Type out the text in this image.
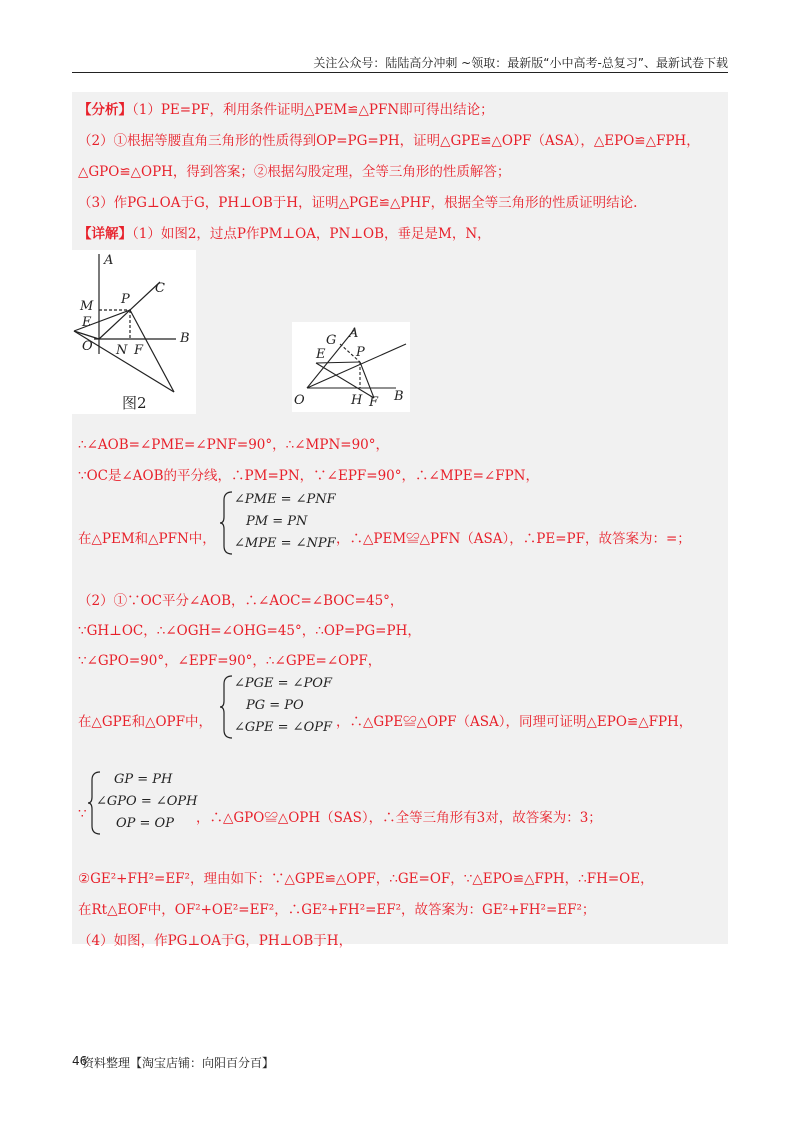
关注公众号：陆陆高分冲刺 ~领取：最新版“小中高考-总复习”、最新试卷下载
【分析】（1）PE=PF，利用条件证明△PEM≌△PFN即可得出结论；
（2）①根据等腰直角三角形的性质得到OP=PG=PH，证明△GPE≌△OPF（ASA），△EPO≌△FPH，
△GPO≌△OPH，得到答案；②根据勾股定理，全等三角形的性质解答；
（3）作PG⊥OA于G，PH⊥OB于H，证明△PGE≌△PHF，根据全等三角形的性质证明结论.
【详解】（1）如图2，过点P作PM⊥OA，PN⊥OB，垂足是M，N，
A
C
M P
E
B
O N F
图2
G A
E P
O	H F B
∴∠AOB=∠PME=∠PNF=90°，∴∠MPN=90°，
∵OC是∠AOB的平分线，∴PM=PN，∵∠EPF=90°，∴∠MPE=∠FPN，
在△PEM和△PFN中，
∠PME = ∠PNF
PM = PN
∠MPE = ∠NPF ，∴△PEM≌△PFN（ASA），∴PE=PF，故答案为：=；
（2）①∵OC平分∠AOB，∴∠AOC=∠BOC=45°，
∵GH⊥OC，∴∠OGH=∠OHG=45°，∴OP=PG=PH，
∵∠GPO=90°，∠EPF=90°，∴∠GPE=∠OPF，
在△GPE和△OPF中，
∠PGE = ∠POF
PG = PO
∠GPE = ∠OPF ，∴△GPE≌△OPF（ASA），同理可证明△EPO≌△FPH，
∵
GP = PH
∠GPO = ∠OPH
OP = OP ，∴△GPO≌△OPH（SAS），∴全等三角形有3对，故答案为：3；
②GE²+FH²=EF²，理由如下：∵△GPE≌△OPF，∴GE=OF，∵△EPO≌△FPH，∴FH=OE，
在Rt△EOF中，OF²+OE²=EF²，∴GE²+FH²=EF²，故答案为：GE²+FH²=EF²；
（4）如图，作PG⊥OA于G，PH⊥OB于H，
46
资料整理【淘宝店铺：向阳百分百】
